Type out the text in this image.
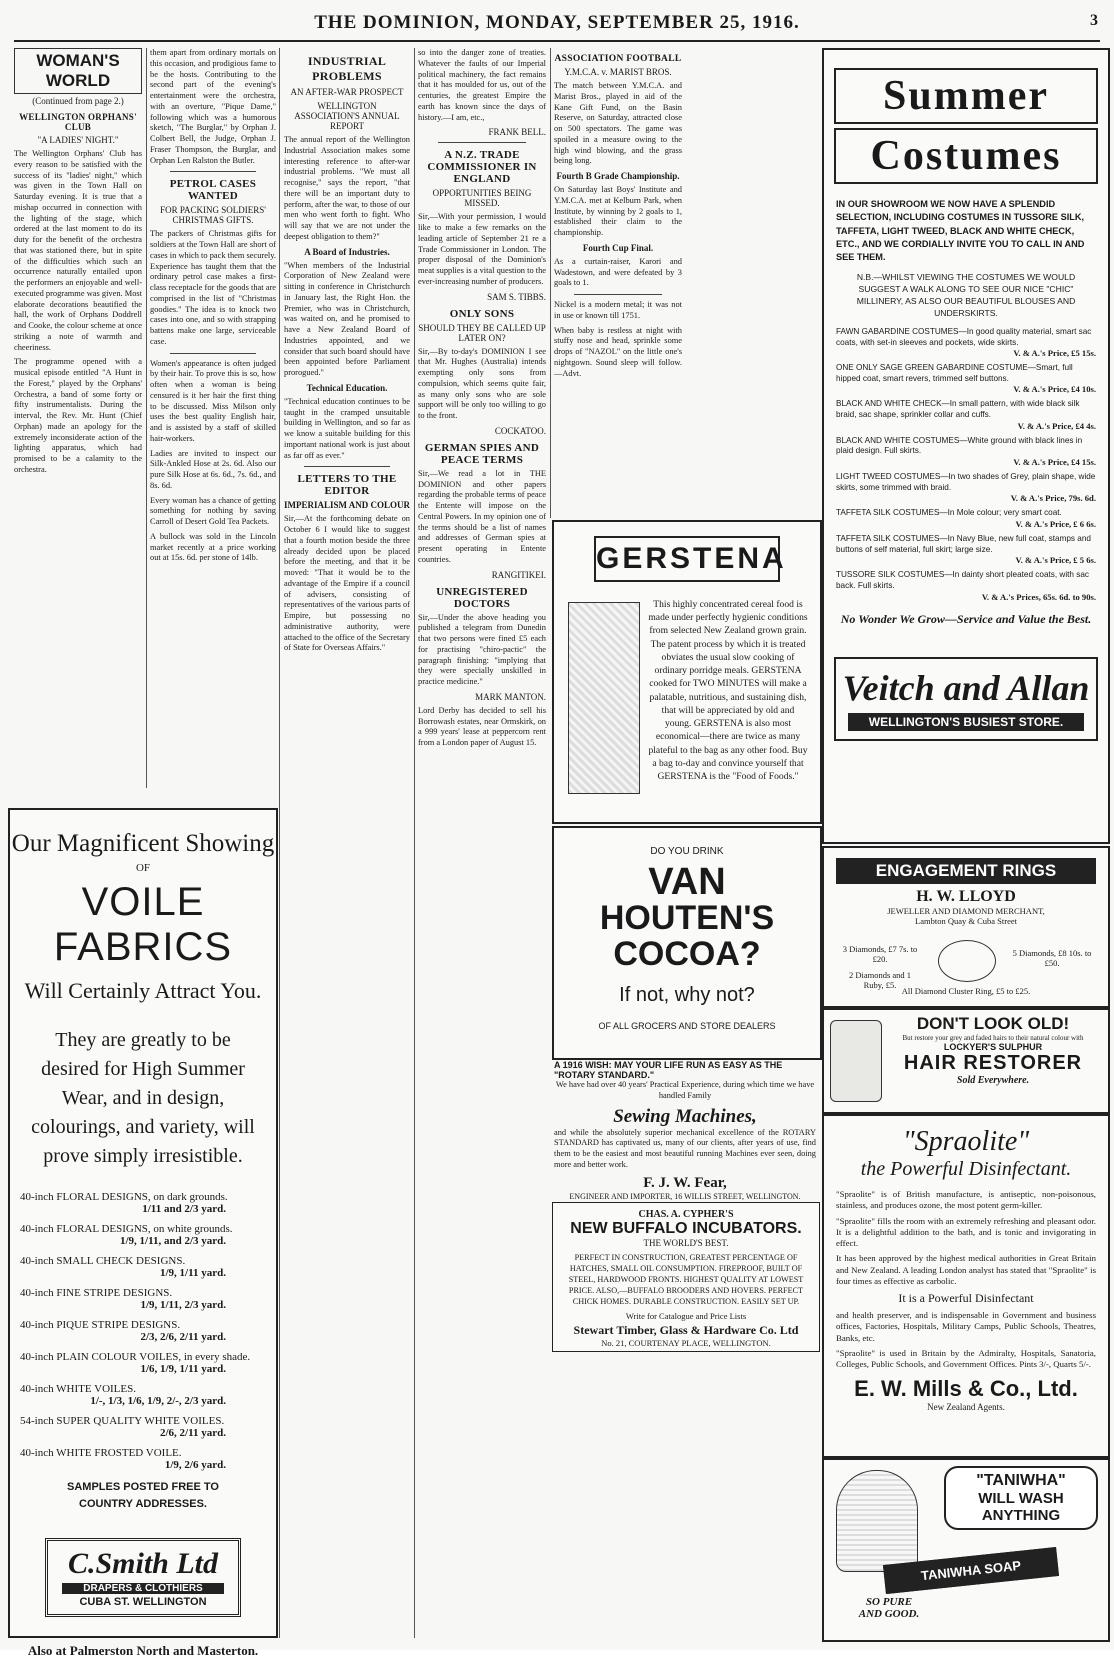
THE DOMINION, MONDAY, SEPTEMBER 25, 1916.	3
WOMAN'S WORLD
(Continued from page 2.)
WELLINGTON ORPHANS' CLUB
"A LADIES' NIGHT."

The Wellington Orphans' Club has every reason to be satisfied with the success of its "ladies' night," which was given in the Town Hall on Saturday evening. It is true that a mishap occurred in connection with the lighting of the stage, which ordered at the last moment to do its duty for the benefit of the orchestra that was stationed there, but in spite of the difficulties which such an occurrence naturally entailed upon the performers an enjoyable and well-executed programme was given. Most elaborate decorations beautified the hall, the work of Orphans Doddrell and Cooke, the colour scheme at once striking a note of warmth and cheeriness.

The programme opened with a musical episode entitled "A Hunt in the Forest," played by the Orphans' Orchestra, a band of some forty or fifty instrumentalists. During the interval, the Rev. Mr. Hunt (Chief Orphan) made an apology for the extremely inconsiderate action of the lighting apparatus, which had promised to be a calamity to the orchestra.

them apart from ordinary mortals on this occasion, and prodigious fame to be the hosts. Contributing to the second part of the evening's entertainment were the orchestra, with an overture, "Pique Dame," following which was a humorous sketch, "The Burglar," by Orphan J. Colbert Bell, the Judge, Orphan J. Fraser Thompson, the Burglar, and Orphan Len Ralston the Butler.

PETROL CASES WANTED
FOR PACKING SOLDIERS' CHRISTMAS GIFTS.

The packers of Christmas gifts for soldiers at the Town Hall are short of cases in which to pack them securely. Experience has taught them that the ordinary petrol case makes a first-class receptacle for the goods that are comprised in the list of "Christmas goodies." The idea is to knock two cases into one, and so with strapping battens make one large, serviceable case.

Women's appearance is often judged by their hair. To prove this is so, how often when a woman is being censured is it her hair the first thing to be discussed. Miss Milson only uses the best quality English hair, and is assisted by a staff of skilled hair-workers.

Ladies are invited to inspect our Silk-Ankled Hose at 2s. 6d. Also our pure Silk Hose at 6s. 6d., 7s. 6d., and 8s. 6d.

Every woman has a chance of getting something for nothing by saving Carroll of Desert Gold Tea Packets.

A bullock was sold in the Lincoln market recently at a price working out at 15s. 6d. per stone of 14lb.

Our Magnificent Showing
OF
VOILE FABRICS
Will Certainly Attract You.
They are greatly to be desired for High Summer Wear, and in design, colourings, and variety, will prove simply irresistible.
40-inch FLORAL DESIGNS, on dark grounds.
1/11 and 2/3 yard.
40-inch FLORAL DESIGNS, on white grounds.
1/9, 1/11, and 2/3 yard.
40-inch SMALL CHECK DESIGNS.
1/9, 1/11 yard.
40-inch FINE STRIPE DESIGNS.
1/9, 1/11, 2/3 yard.
40-inch PIQUE STRIPE DESIGNS.
2/3, 2/6, 2/11 yard.
40-inch PLAIN COLOUR VOILES, in every shade.
1/6, 1/9, 1/11 yard.
40-inch WHITE VOILES.
1/-, 1/3, 1/6, 1/9, 2/-, 2/3 yard.
54-inch SUPER QUALITY WHITE VOILES.
2/6, 2/11 yard.
40-inch WHITE FROSTED VOILE.
1/9, 2/6 yard.
SAMPLES POSTED FREE TO COUNTRY ADDRESSES.
C.Smith Ltd
DRAPERS & CLOTHIERS
CUBA ST. WELLINGTON
Also at Palmerston North and Masterton.
INDUSTRIAL PROBLEMS
AN AFTER-WAR PROSPECT
WELLINGTON ASSOCIATION'S ANNUAL REPORT

The annual report of the Wellington Industrial Association makes some interesting reference to after-war industrial problems. "We must all recognise," says the report, "that there will be an important duty to perform, after the war, to those of our men who went forth to fight. Who will say that we are not under the deepest obligation to them?"

A Board of Industries.

"When members of the Industrial Corporation of New Zealand were sitting in conference in Christchurch in January last, the Right Hon. the Premier, who was in Christchurch, was waited on, and he promised to have a New Zealand Board of Industries appointed, and we consider that such board should have been appointed before Parliament prorogued."

Technical Education.

"Technical education continues to be taught in the cramped unsuitable building in Wellington, and so far as we know a suitable building for this important national work is just about as far off as ever."

LETTERS TO THE EDITOR
IMPERIALISM AND COLOUR

Sir,—At the forthcoming debate on October 6 I would like to suggest that a fourth motion beside the three already decided upon be placed before the meeting, and that it be moved: "That it would be to the advantage of the Empire if a council of advisers, consisting of representatives of the various parts of Empire, but possessing no administrative authority, were attached to the office of the Secretary of State for Overseas Affairs."

so into the danger zone of treaties. Whatever the faults of our Imperial political machinery, the fact remains that it has moulded for us, out of the centuries, the greatest Empire the earth has known since the days of history.—I am, etc.,

FRANK BELL.
A N.Z. TRADE COMMISSIONER IN ENGLAND
OPPORTUNITIES BEING MISSED.

Sir,—With your permission, I would like to make a few remarks on the leading article of September 21 re a Trade Commissioner in London. The proper disposal of the Dominion's meat supplies is a vital question to the ever-increasing number of producers.

SAM S. TIBBS.
ONLY SONS
SHOULD THEY BE CALLED UP LATER ON?

Sir,—By to-day's DOMINION I see that Mr. Hughes (Australia) intends exempting only sons from compulsion, which seems quite fair, as many only sons who are sole support will be only too willing to go to the front.

COCKATOO.
GERMAN SPIES AND PEACE TERMS

Sir,—We read a lot in THE DOMINION and other papers regarding the probable terms of peace the Entente will impose on the Central Powers. In my opinion one of the terms should be a list of names and addresses of German spies at present operating in Entente countries.

RANGITIKEI.
UNREGISTERED DOCTORS

Sir,—Under the above heading you published a telegram from Dunedin that two persons were fined £5 each for practising "chiro-pactic" the paragraph finishing: "implying that they were specially unskilled in practice medicine."

MARK MANTON.

Lord Derby has decided to sell his Borrowash estates, near Ormskirk, on a 999 years' lease at peppercorn rent from a London paper of August 15.

ASSOCIATION FOOTBALL
Y.M.C.A. v. MARIST BROS.

The match between Y.M.C.A. and Marist Bros., played in aid of the Kane Gift Fund, on the Basin Reserve, on Saturday, attracted close on 500 spectators. The game was spoiled in a measure owing to the high wind blowing, and the grass being long.

Fourth B Grade Championship.

On Saturday last Boys' Institute and Y.M.C.A. met at Kelburn Park, when Institute, by winning by 2 goals to 1, established their claim to the championship.

Fourth Cup Final.

As a curtain-raiser, Karori and Wadestown, and were defeated by 3 goals to 1.

Nickel is a modern metal; it was not in use or known till 1751.

When baby is restless at night with stuffy nose and head, sprinkle some drops of "NAZOL" on the little one's nightgown. Sound sleep will follow.—Advt.

GERSTENA
This highly concentrated cereal food is made under perfectly hygienic conditions from selected New Zealand grown grain. The patent process by which it is treated obviates the usual slow cooking of ordinary porridge meals. GERSTENA cooked for TWO MINUTES will make a palatable, nutritious, and sustaining dish, that will be appreciated by old and young. GERSTENA is also most economical—there are twice as many plateful to the bag as any other food. Buy a bag to-day and convince yourself that GERSTENA is the "Food of Foods."
DO YOU DRINK
VAN
HOUTEN'S
COCOA?
If not, why not?
OF ALL GROCERS AND STORE DEALERS
A 1916 WISH: MAY YOUR LIFE RUN AS EASY AS THE "ROTARY STANDARD."
We have had over 40 years' Practical Experience, during which time we have handled Family
Sewing Machines,
and while the absolutely superior mechanical excellence of the ROTARY STANDARD has captivated us, many of our clients, after years of use, find them to be the easiest and most beautiful running Machines ever seen, doing more and better work.
F. J. W. Fear,
ENGINEER AND IMPORTER, 16 WILLIS STREET, WELLINGTON.
CHAS. A. CYPHER'S
NEW BUFFALO INCUBATORS.
THE WORLD'S BEST.
PERFECT IN CONSTRUCTION, GREATEST PERCENTAGE OF HATCHES, SMALL OIL CONSUMPTION. FIREPROOF, BUILT OF STEEL, HARDWOOD FRONTS. HIGHEST QUALITY AT LOWEST PRICE. ALSO,—BUFFALO BROODERS AND HOVERS. PERFECT CHICK HOMES. DURABLE CONSTRUCTION. EASILY SET UP.
Write for Catalogue and Price Lists
Stewart Timber, Glass & Hardware Co. Ltd
No. 21, COURTENAY PLACE, WELLINGTON.
Summer
Costumes
IN OUR SHOWROOM WE NOW HAVE A SPLENDID SELECTION, INCLUDING COSTUMES IN TUSSORE SILK, TAFFETA, LIGHT TWEED, BLACK AND WHITE CHECK, ETC., AND WE CORDIALLY INVITE YOU TO CALL IN AND SEE THEM.
N.B.—WHILST VIEWING THE COSTUMES WE WOULD SUGGEST A WALK ALONG TO SEE OUR NICE "CHIC" MILLINERY, AS ALSO OUR BEAUTIFUL BLOUSES AND UNDERSKIRTS.
FAWN GABARDINE COSTUMES—In good quality material, smart sac coats, with set-in sleeves and pockets, wide skirts.
V. & A.'s Price, £5 15s.
ONE ONLY SAGE GREEN GABARDINE COSTUME—Smart, full hipped coat, smart revers, trimmed self buttons.
V. & A.'s Price, £4 10s.
BLACK AND WHITE CHECK—In small pattern, with wide black silk braid, sac shape, sprinkler collar and cuffs.
V. & A.'s Price, £4 4s.
BLACK AND WHITE COSTUMES—White ground with black lines in plaid design. Full skirts.
V. & A.'s Price, £4 15s.
LIGHT TWEED COSTUMES—In two shades of Grey, plain shape, wide skirts, some trimmed with braid.
V. & A.'s Price, 79s. 6d.
TAFFETA SILK COSTUMES—In Mole colour; very smart coat.
V. & A.'s Price, £ 6 6s.
TAFFETA SILK COSTUMES—In Navy Blue, new full coat, stamps and buttons of self material, full skirt; large size.
V. & A.'s Price, £ 5 6s.
TUSSORE SILK COSTUMES—In dainty short pleated coats, with sac back. Full skirts.
V. & A.'s Prices, 65s. 6d. to 90s.
No Wonder We Grow—Service and Value the Best.
Veitch and Allan
WELLINGTON'S BUSIEST STORE.
ENGAGEMENT RINGS
H. W. LLOYD
JEWELLER AND DIAMOND MERCHANT,
Lambton Quay & Cuba Street
3 Diamonds, £7 7s. to £20.
2 Diamonds and 1 Ruby, £5.
5 Diamonds, £8 10s. to £50.
All Diamond Cluster Ring, £5 to £25.
DON'T LOOK OLD!
But restore your grey and faded hairs to their natural colour with
LOCKYER'S SULPHUR
HAIR RESTORER
Sold Everywhere.
"Spraolite"
the Powerful Disinfectant.

"Spraolite" is of British manufacture, is antiseptic, non-poisonous, stainless, and produces ozone, the most potent germ-killer.

"Spraolite" fills the room with an extremely refreshing and pleasant odor. It is a delightful addition to the bath, and is tonic and invigorating in effect.

It has been approved by the highest medical authorities in Great Britain and New Zealand. A leading London analyst has stated that "Spraolite" is four times as effective as carbolic.

It is a Powerful Disinfectant

and health preserver, and is indispensable in Government and business offices, Factories, Hospitals, Military Camps, Public Schools, Theatres, Banks, etc.

"Spraolite" is used in Britain by the Admiralty, Hospitals, Sanatoria, Colleges, Public Schools, and Government Offices. Pints 3/-, Quarts 5/-.

E. W. Mills & Co., Ltd.
New Zealand Agents.
"TANIWHA"
WILL WASH
ANYTHING
TANIWHA SOAP
SO PURE
AND GOOD.
